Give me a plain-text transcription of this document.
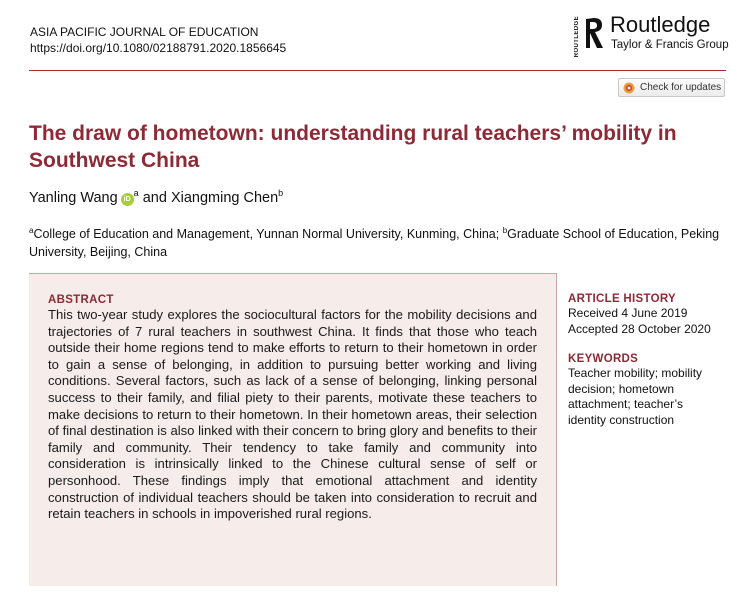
ASIA PACIFIC JOURNAL OF EDUCATION
https://doi.org/10.1080/02188791.2020.1856645	ROUTLEDGE Routledge
Taylor & Francis Group
Check for updates
The draw of hometown: understanding rural teachers’ mobility in Southwest China
Yanling Wang $iD^a$ and Xiangming Chen$^b$
$^a$College of Education and Management, Yunnan Normal University, Kunming, China; $^b$Graduate School of Education, Peking University, Beijing, China
ABSTRACT
This two-year study explores the sociocultural factors for the mobility decisions and trajectories of 7 rural teachers in southwest China. It finds that those who teach outside their home regions tend to make efforts to return to their hometown in order to gain a sense of belonging, in addition to pursuing better working and living conditions. Several factors, such as lack of a sense of belonging, linking personal success to their family, and filial piety to their parents, motivate these teachers to make decisions to return to their hometown. In their hometown areas, their selection of final destination is also linked with their concern to bring glory and benefits to their family and community. Their tendency to take family and community into consideration is intrinsically linked to the Chinese cultural sense of self or personhood. These findings imply that emotional attachment and identity construction of individual teachers should be taken into consideration to recruit and retain teachers in schools in impoverished rural regions.
ARTICLE HISTORY
Received 4 June 2019
Accepted 28 October 2020
KEYWORDS
Teacher mobility; mobility decision; hometown attachment; teacher’s identity construction
